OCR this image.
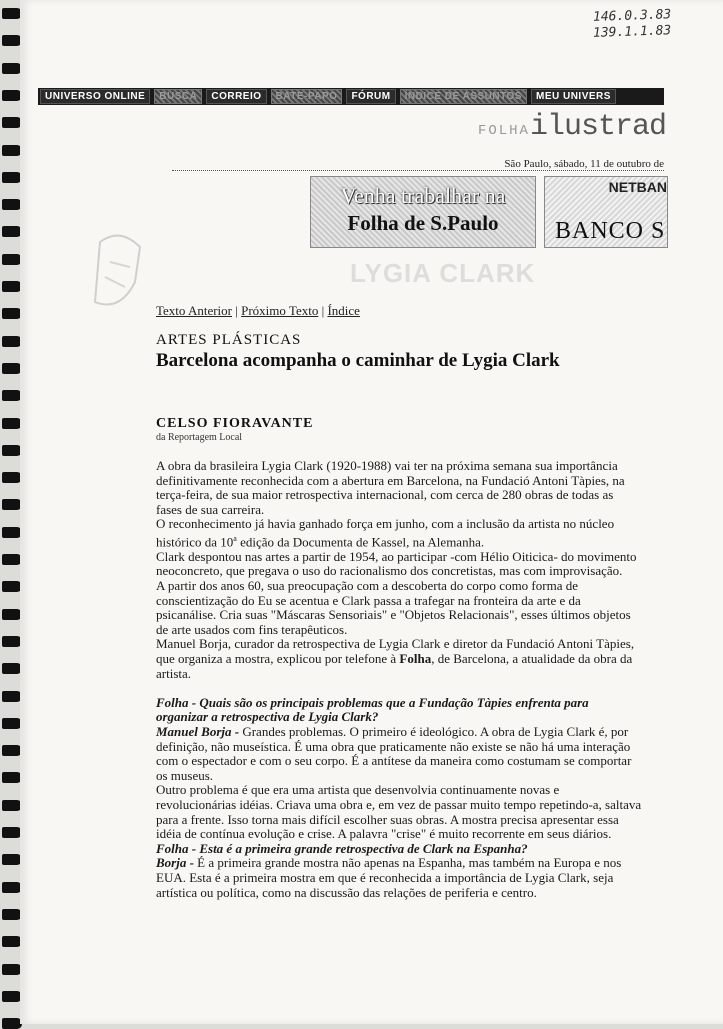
146.0.3.83
139.1.1.83
UNIVERSO ONLINE	BUSCA	CORREIO	BATE-PAPO	FÓRUM	ÍNDICE DE ASSUNTOS	MEU UNIVERS
FOLHAilustrad
São Paulo, sábado, 11 de outubro de
Venha trabalhar na
Folha de S.Paulo
NETBAN
BANCO S
LYGIA CLARK
Texto Anterior | Próximo Texto | Índice
ARTES PLÁSTICAS
Barcelona acompanha o caminhar de Lygia Clark
CELSO FIORAVANTE
da Reportagem Local

A obra da brasileira Lygia Clark (1920-1988) vai ter na próxima semana sua importância definitivamente reconhecida com a abertura em Barcelona, na Fundació Antoni Tàpies, na terça-feira, de sua maior retrospectiva internacional, com cerca de 280 obras de todas as fases de sua carreira.

O reconhecimento já havia ganhado força em junho, com a inclusão da artista no núcleo histórico da 10$^a$ edição da Documenta de Kassel, na Alemanha.

Clark despontou nas artes a partir de 1954, ao participar -com Hélio Oiticica- do movimento neoconcreto, que pregava o uso do racionalismo dos concretistas, mas com improvisação.

A partir dos anos 60, sua preocupação com a descoberta do corpo como forma de conscientização do Eu se acentua e Clark passa a trafegar na fronteira da arte e da psicanálise. Cria suas "Máscaras Sensoriais" e "Objetos Relacionais", esses últimos objetos de arte usados com fins terapêuticos.

Manuel Borja, curador da retrospectiva de Lygia Clark e diretor da Fundació Antoni Tàpies, que organiza a mostra, explicou por telefone à Folha, de Barcelona, a atualidade da obra da artista.

Folha - Quais são os principais problemas que a Fundação Tàpies enfrenta para organizar a retrospectiva de Lygia Clark?

Manuel Borja - Grandes problemas. O primeiro é ideológico. A obra de Lygia Clark é, por definição, não museística. É uma obra que praticamente não existe se não há uma interação com o espectador e com o seu corpo. É a antítese da maneira como costumam se comportar os museus.

Outro problema é que era uma artista que desenvolvia continuamente novas e revolucionárias idéias. Criava uma obra e, em vez de passar muito tempo repetindo-a, saltava para a frente. Isso torna mais difícil escolher suas obras. A mostra precisa apresentar essa idéia de contínua evolução e crise. A palavra "crise" é muito recorrente em seus diários.

Folha - Esta é a primeira grande retrospectiva de Clark na Espanha?

Borja - É a primeira grande mostra não apenas na Espanha, mas também na Europa e nos EUA. Esta é a primeira mostra em que é reconhecida a importância de Lygia Clark, seja artística ou política, como na discussão das relações de periferia e centro.
